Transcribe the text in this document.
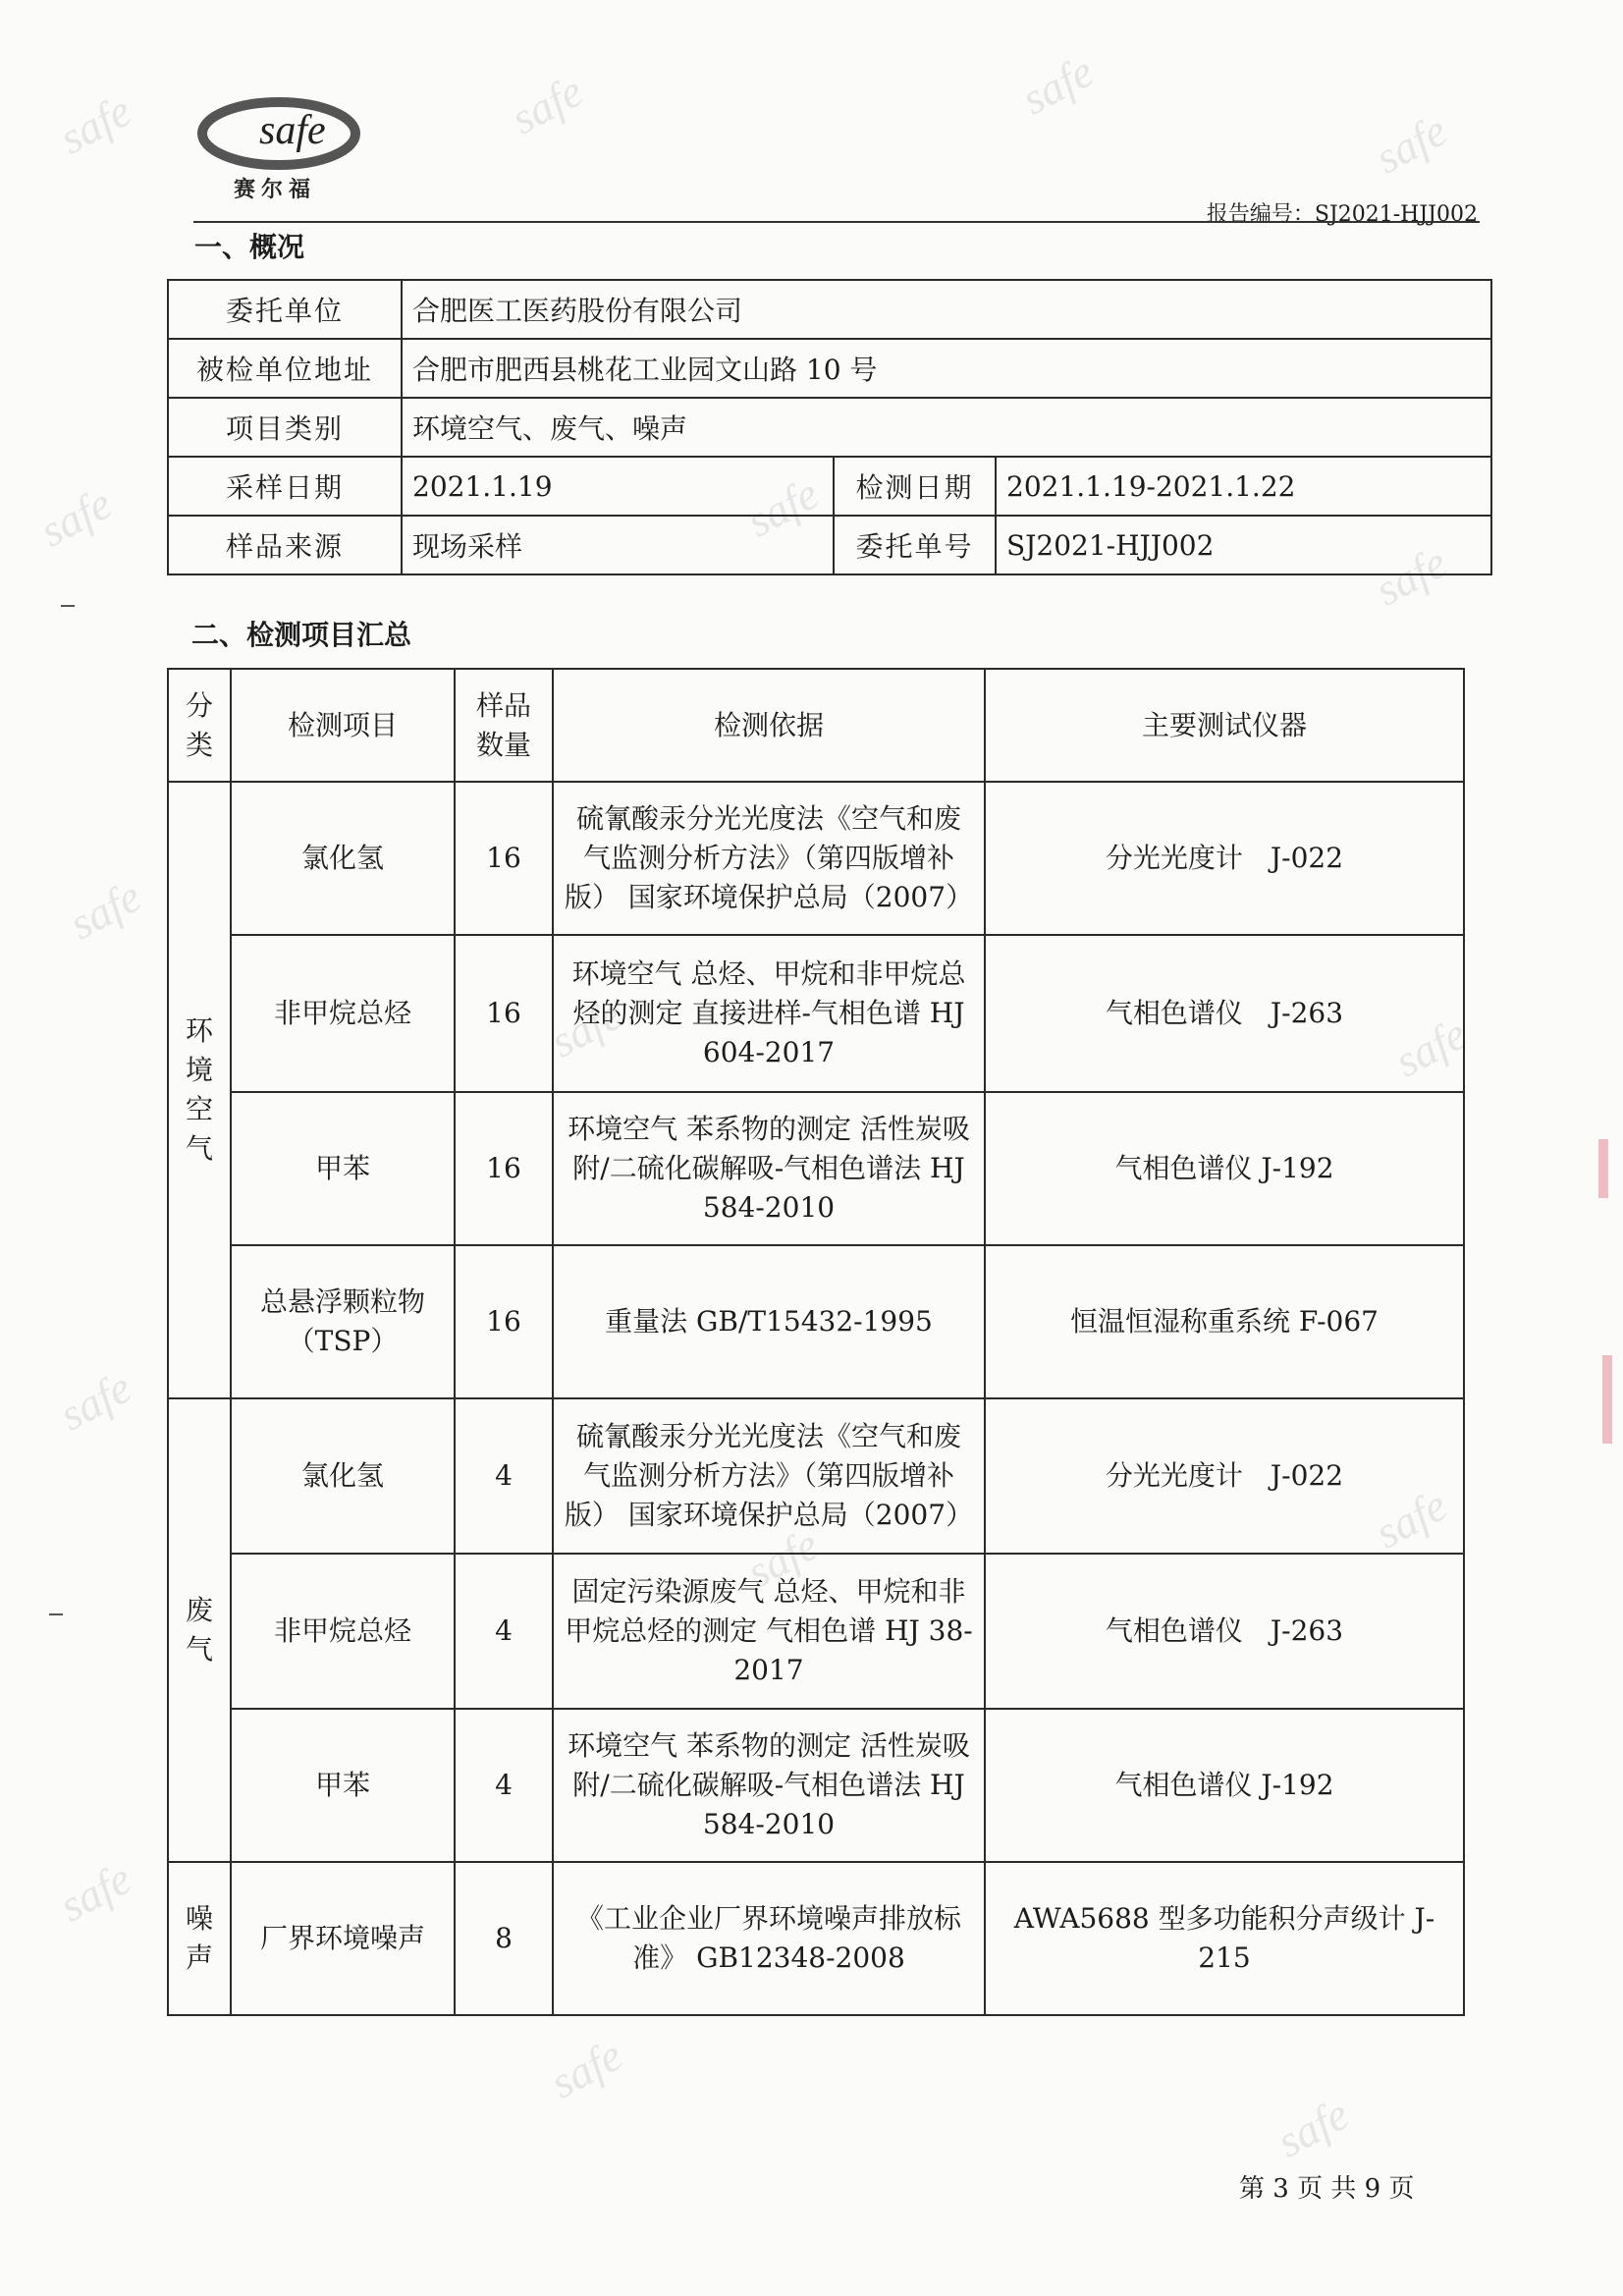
safe	safe	safe
safe
safe	safe
safe
safe
safe	safe
safe
safe
safe
safe
safe
safe
safe
赛尔福
报告编号：SJ2021-HJJ002
一、概况
委托单位	合肥医工医药股份有限公司		
被检单位地址	合肥市肥西县桃花工业园文山路 10 号		
项目类别	环境空气、废气、噪声		
采样日期	2021.1.19	检测日期	2021.1.19-2021.1.22
样品来源	现场采样	委托单号	SJ2021-HJJ002
二、检测项目汇总
分类	检测项目	样品数量	检测依据	主要测试仪器
环境空气	氯化氢	16	硫氰酸汞分光光度法《空气和废气监测分析方法》（第四版增补版） 国家环境保护总局（2007）	分光光度计　J-022
	非甲烷总烃	16	环境空气 总烃、甲烷和非甲烷总烃的测定 直接进样-气相色谱 HJ 604-2017	气相色谱仪　J-263
	甲苯	16	环境空气 苯系物的测定 活性炭吸附/二硫化碳解吸-气相色谱法 HJ 584-2010	气相色谱仪 J-192
	总悬浮颗粒物（TSP）	16	重量法 GB/T15432-1995	恒温恒湿称重系统 F-067
废气	氯化氢	4	硫氰酸汞分光光度法《空气和废气监测分析方法》（第四版增补版） 国家环境保护总局（2007）	分光光度计　J-022
	非甲烷总烃	4	固定污染源废气 总烃、甲烷和非甲烷总烃的测定 气相色谱 HJ 38-2017	气相色谱仪　J-263
	甲苯	4	环境空气 苯系物的测定 活性炭吸附/二硫化碳解吸-气相色谱法 HJ 584-2010	气相色谱仪 J-192
噪声	厂界环境噪声	8	《工业企业厂界环境噪声排放标准》 GB12348-2008	AWA5688 型多功能积分声级计 J-215
第 3 页 共 9 页
